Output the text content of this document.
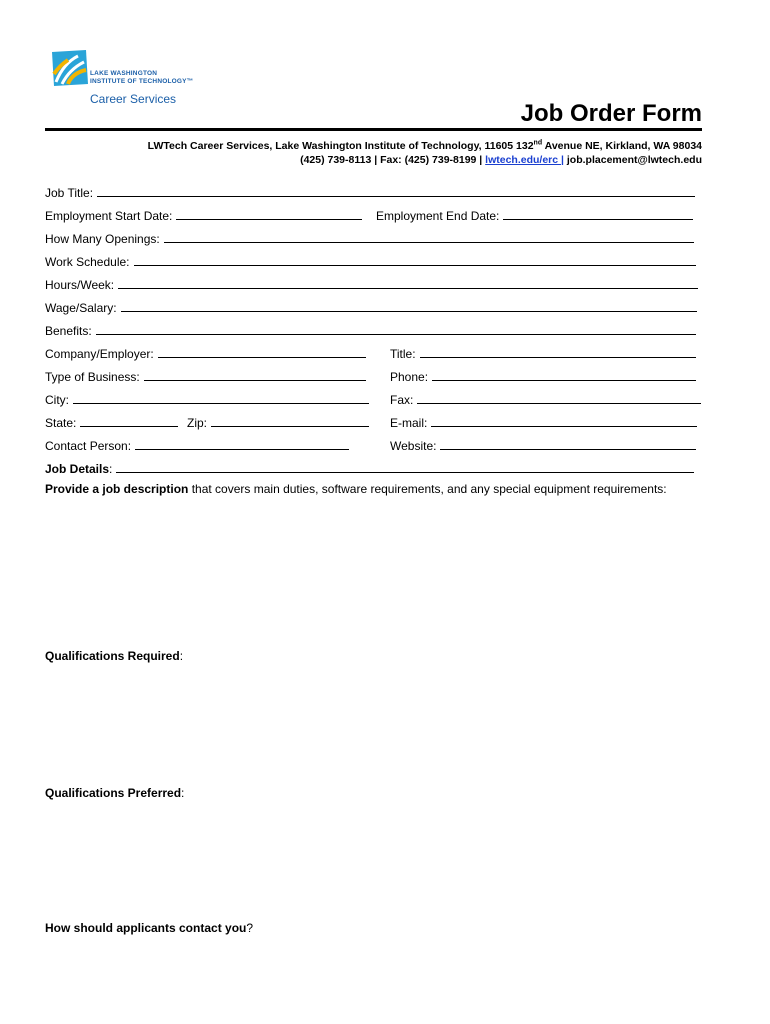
LAKE WASHINGTON
INSTITUTE OF TECHNOLOGY™
Career Services
Job Order Form
LWTech Career Services, Lake Washington Institute of Technology, 11605 132nd Avenue NE, Kirkland, WA 98034
(425) 739-8113 | Fax: (425) 739-8199 | lwtech.edu/erc | job.placement@lwtech.edu
Job Title:
Employment Start Date:	Employment End Date:
How Many Openings:
Work Schedule:
Hours/Week:
Wage/Salary:
Benefits:
Company/Employer:	Title:
Type of Business:	Phone:
City:	Fax:
State:	Zip:	E-mail:
Contact Person:	Website:
Job Details :
Provide a job description that covers main duties, software requirements, and any special equipment requirements:
Qualifications Required:
Qualifications Preferred:
How should applicants contact you?
